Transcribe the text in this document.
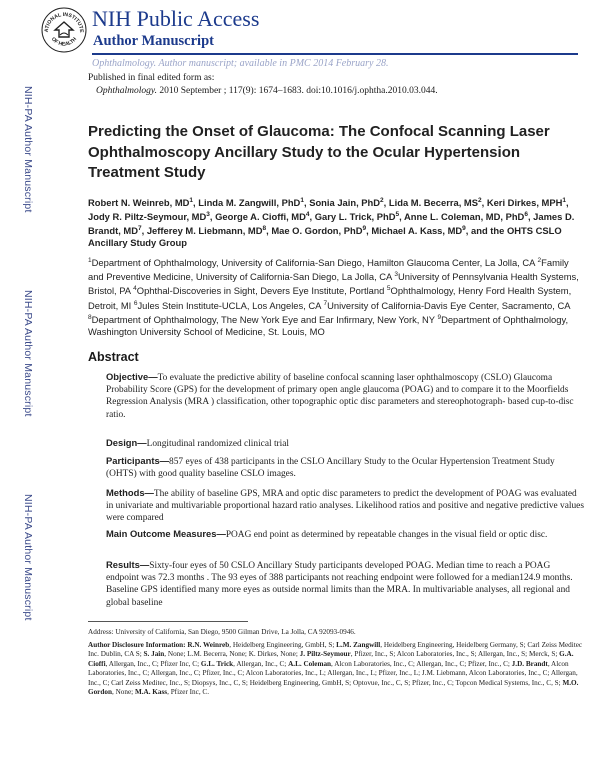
NIH-PA Author Manuscript
NIH-PA Author Manuscript
NIH-PA Author Manuscript
ATIONAL INSTITUTE
OF HEALTH
NIH Public Access
Author Manuscript
Ophthalmology. Author manuscript; available in PMC 2014 February 28.
Published in final edited form as:
Ophthalmology. 2010 September ; 117(9): 1674–1683. doi:10.1016/j.ophtha.2010.03.044.
Predicting the Onset of Glaucoma: The Confocal Scanning Laser Ophthalmoscopy Ancillary Study to the Ocular Hypertension Treatment Study
Robert N. Weinreb, $MD^1$, Linda M. Zangwill, PhD$^1$, Sonia Jain, PhD$^2$, Lida M. Becerra, $MS^2$, Keri Dirkes, MPH$^1$, Jody R. Piltz-Seymour, $MD^3$, George A. Cioffi, $MD^4$, Gary L. Trick, PhD$^5$, Anne L. Coleman, MD, PhD$^6$, James D. Brandt, $MD^7$, Jefferey M. Liebmann, $MD^8$, Mae O. Gordon, PhD$^9$, Michael A. Kass, $MD^9$, and the OHTS CSLO Ancillary Study Group
$^1$Department of Ophthalmology, University of California-San Diego, Hamilton Glaucoma Center, La Jolla, CA $^2$Family and Preventive Medicine, University of California-San Diego, La Jolla, CA $^3$University of Pennsylvania Health Systems, Bristol, PA $^4$Ophthal-Discoveries in Sight, Devers Eye Institute, Portland $^5$Ophthalmology, Henry Ford Health System, Detroit, MI $^6$Jules Stein Institute-UCLA, Los Angeles, CA $^7$University of California-Davis Eye Center, Sacramento, CA $^8$Department of Ophthalmology, The New York Eye and Ear Infirmary, New York, NY $^9$Department of Ophthalmology, Washington University School of Medicine, St. Louis, MO
Abstract
Objective—To evaluate the predictive ability of baseline confocal scanning laser ophthalmoscopy (CSLO) Glaucoma Probability Score (GPS) for the development of primary open angle glaucoma (POAG) and to compare it to the Moorfields Regression Analysis (MRA ) classification, other topographic optic disc parameters and stereophotograph- based cup-to-disc ratio.
Design—Longitudinal randomized clinical trial
Participants—857 eyes of 438 participants in the CSLO Ancillary Study to the Ocular Hypertension Treatment Study (OHTS) with good quality baseline CSLO images.
Methods—The ability of baseline GPS, MRA and optic disc parameters to predict the development of POAG was evaluated in univariate and multivariable proportional hazard ratio analyses. Likelihood ratios and positive and negative predictive values were compared
Main Outcome Measures—POAG end point as determined by repeatable changes in the visual field or optic disc.
Results—Sixty-four eyes of 50 CSLO Ancillary Study participants developed POAG. Median time to reach a POAG endpoint was 72.3 months . The 93 eyes of 388 participants not reaching endpoint were followed for a median124.9 months. Baseline GPS identified many more eyes as outside normal limits than the MRA. In multivariable analyses, all regional and global baseline
Address: University of California, San Diego, 9500 Gilman Drive, La Jolla, CA 92093-0946.
Author Disclosure Information: R.N. Weinreb, Heidelberg Engineering, GmbH, S; L.M. Zangwill, Heidelberg Engineering, Heidelberg Germany, S; Carl Zeiss Meditec Inc. Dublin, CA S; S. Jain, None; L.M. Becerra, None; K. Dirkes, None; J. Piltz-Seymour, Pfizer, Inc., S; Alcon Laboratories, Inc., S; Allergan, Inc., S; Merck, S; G.A. Cioffi, Allergan, Inc., C; Pfizer Inc, C; G.L. Trick, Allergan, Inc., C; A.L. Coleman, Alcon Laboratories, Inc., C; Allergan, Inc., C; Pfizer, Inc., C; J.D. Brandt, Alcon Laboratories, Inc., C; Allergan, Inc., C; Pfizer, Inc., C; Alcon Laboratories, Inc., L; Allergan, Inc., L; Pfizer, Inc., L; J.M. Liebmann, Alcon Laboratories, Inc., C; Allergan, Inc., C; Carl Zeiss Meditec, Inc., S; Diopsys, Inc., C, S; Heidelberg Engineering, GmbH, S; Optovue, Inc., C, S; Pfizer, Inc., C; Topcon Medical Systems, Inc., C, S; M.O. Gordon, None; M.A. Kass, Pfizer Inc, C.
